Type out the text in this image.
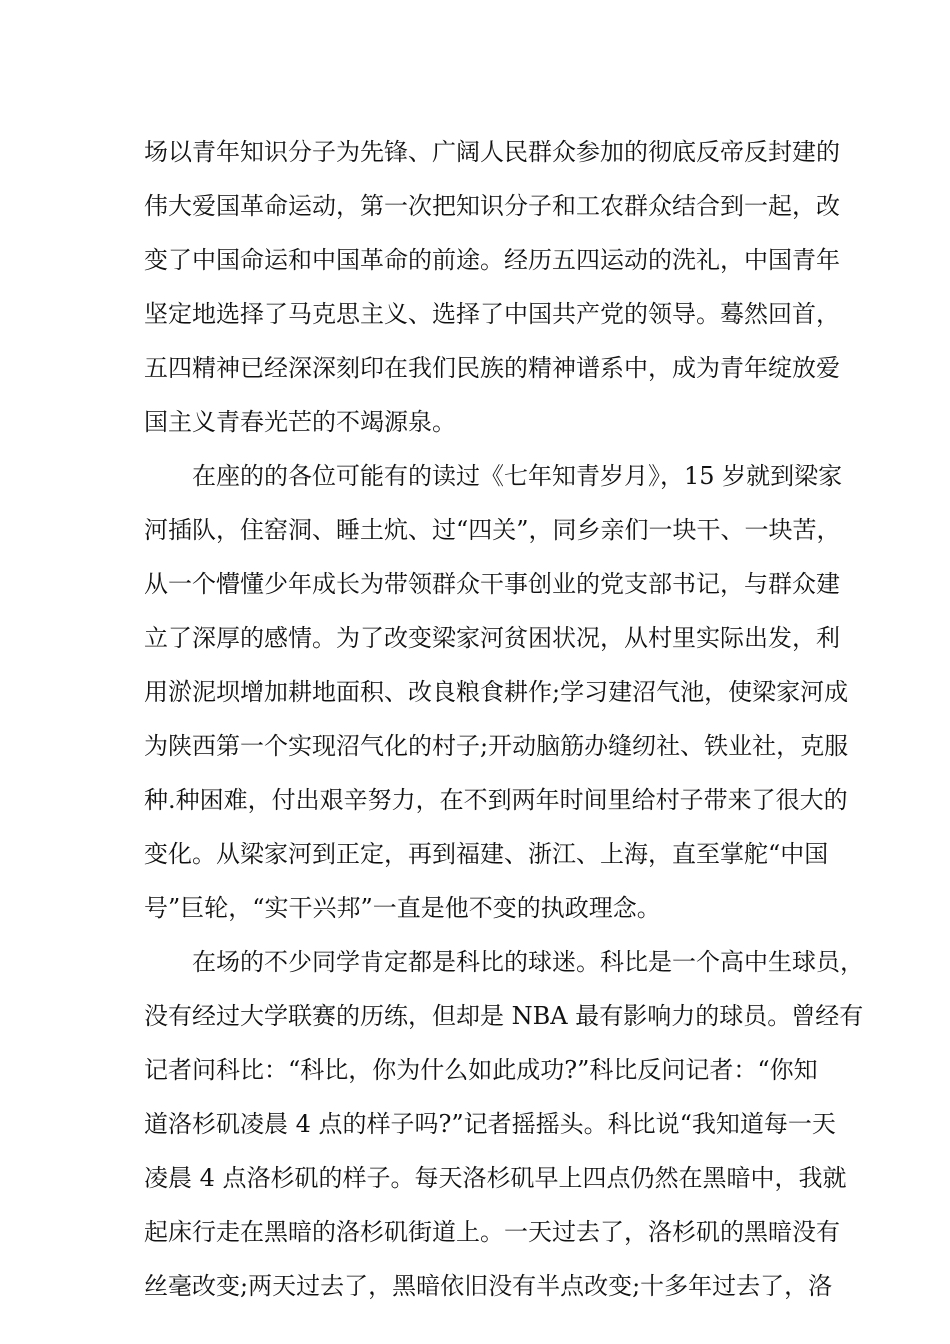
场以青年知识分子为先锋、广阔人民群众参加的彻底反帝反封建的
伟大爱国革命运动，第一次把知识分子和工农群众结合到一起，改
变了中国命运和中国革命的前途。经历五四运动的洗礼，中国青年
坚定地选择了马克思主义、选择了中国共产党的领导。蓦然回首，
五四精神已经深深刻印在我们民族的精神谱系中，成为青年绽放爱
国主义青春光芒的不竭源泉。
在座的的各位可能有的读过《七年知青岁月》，15 岁就到梁家
河插队，住窑洞、睡土炕、过“四关”，同乡亲们一块干、一块苦，
从一个懵懂少年成长为带领群众干事创业的党支部书记，与群众建
立了深厚的感情。为了改变梁家河贫困状况，从村里实际出发，利
用淤泥坝增加耕地面积、改良粮食耕作;学习建沼气池，使梁家河成
为陕西第一个实现沼气化的村子;开动脑筋办缝纫社、铁业社，克服
种.种困难，付出艰辛努力，在不到两年时间里给村子带来了很大的
变化。从梁家河到正定，再到福建、浙江、上海，直至掌舵“中国
号”巨轮，“实干兴邦”一直是他不变的执政理念。
在场的不少同学肯定都是科比的球迷。科比是一个高中生球员，
没有经过大学联赛的历练，但却是 NBA 最有影响力的球员。曾经有
记者问科比：“科比，你为什么如此成功?”科比反问记者：“你知
道洛杉矶凌晨 4 点的样子吗?”记者摇摇头。科比说“我知道每一天
凌晨 4 点洛杉矶的样子。每天洛杉矶早上四点仍然在黑暗中，我就
起床行走在黑暗的洛杉矶街道上。一天过去了，洛杉矶的黑暗没有
丝毫改变;两天过去了，黑暗依旧没有半点改变;十多年过去了，洛
